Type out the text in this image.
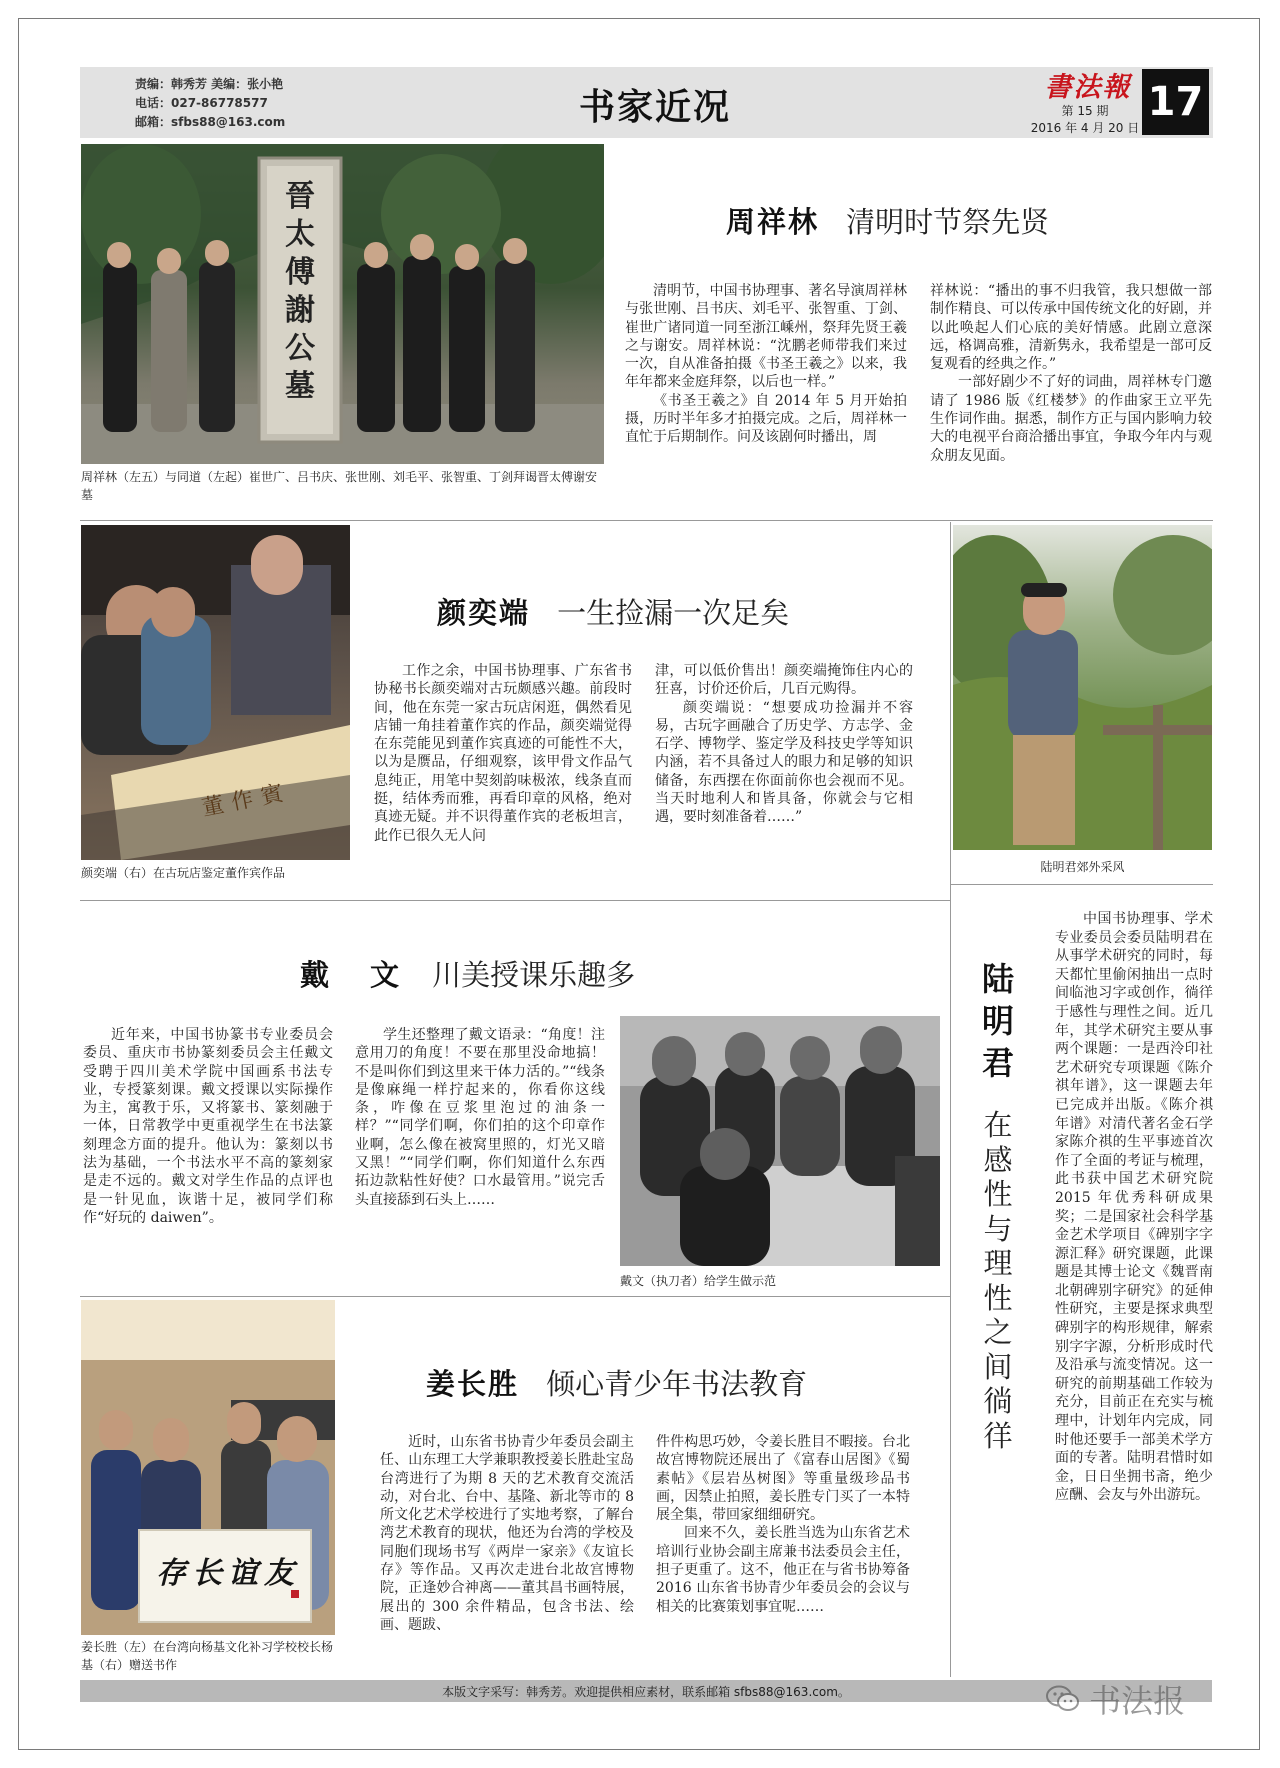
责编：韩秀芳 美编：张小艳
电话：027-86778577
邮箱：sfbs88@163.com	书家近况	書法報
第 15 期
2016 年 4 月 20 日
17
晉太傅謝公墓
周祥林（左五）与同道（左起）崔世广、吕书庆、张世刚、刘毛平、张智重、丁剑拜谒晋太傅谢安墓
周祥林 清明时节祭先贤

清明节，中国书协理事、著名导演周祥林与张世刚、吕书庆、刘毛平、张智重、丁剑、崔世广诸同道一同至浙江嵊州，祭拜先贤王羲之与谢安。周祥林说：“沈鹏老师带我们来过一次，自从准备拍摄《书圣王羲之》以来，我年年都来金庭拜祭，以后也一样。”

《书圣王羲之》自 2014 年 5 月开始拍摄，历时半年多才拍摄完成。之后，周祥林一直忙于后期制作。问及该剧何时播出，周

祥林说：“播出的事不归我管，我只想做一部制作精良、可以传承中国传统文化的好剧，并以此唤起人们心底的美好情感。此剧立意深远，格调高雅，清新隽永，我希望是一部可反复观看的经典之作。”

一部好剧少不了好的词曲，周祥林专门邀请了 1986 版《红楼梦》的作曲家王立平先生作词作曲。据悉，制作方正与国内影响力较大的电视平台商洽播出事宜，争取今年内与观众朋友见面。

董作賓
颜奕端（右）在古玩店鉴定董作宾作品
颜奕端 一生捡漏一次足矣

工作之余，中国书协理事、广东省书协秘书长颜奕端对古玩颇感兴趣。前段时间，他在东莞一家古玩店闲逛，偶然看见店铺一角挂着董作宾的作品，颜奕端觉得在东莞能见到董作宾真迹的可能性不大，以为是赝品，仔细观察，该甲骨文作品气息纯正，用笔中契刻韵味极浓，线条直而挺，结体秀而雅，再看印章的风格，绝对真迹无疑。并不识得董作宾的老板坦言，此作已很久无人问

津，可以低价售出！颜奕端掩饰住内心的狂喜，讨价还价后，几百元购得。

颜奕端说：“想要成功捡漏并不容易，古玩字画融合了历史学、方志学、金石学、博物学、鉴定学及科技史学等知识内涵，若不具备过人的眼力和足够的知识储备，东西摆在你面前你也会视而不见。当天时地利人和皆具备，你就会与它相遇，要时刻准备着……”

戴　文 川美授课乐趣多

近年来，中国书协篆书专业委员会委员、重庆市书协篆刻委员会主任戴文受聘于四川美术学院中国画系书法专业，专授篆刻课。戴文授课以实际操作为主，寓教于乐，又将篆书、篆刻融于一体，日常教学中更重视学生在书法篆刻理念方面的提升。他认为：篆刻以书法为基础，一个书法水平不高的篆刻家是走不远的。戴文对学生作品的点评也是一针见血，诙谐十足，被同学们称作“好玩的 daiwen”。

学生还整理了戴文语录：“角度！注意用刀的角度！不要在那里没命地搞！不是叫你们到这里来干体力活的。”“线条是像麻绳一样拧起来的，你看你这线条，咋像在豆浆里泡过的油条一样？”“同学们啊，你们拍的这个印章作业啊，怎么像在被窝里照的，灯光又暗又黑！”“同学们啊，你们知道什么东西拓边款粘性好使？口水最管用。”说完舌头直接舔到石头上……

戴文（执刀者）给学生做示范
友谊长存
姜长胜（左）在台湾向杨基文化补习学校校长杨基（右）赠送书作
姜长胜 倾心青少年书法教育

近时，山东省书协青少年委员会副主任、山东理工大学兼职教授姜长胜赴宝岛台湾进行了为期 8 天的艺术教育交流活动，对台北、台中、基隆、新北等市的 8 所文化艺术学校进行了实地考察，了解台湾艺术教育的现状，他还为台湾的学校及同胞们现场书写《两岸一家亲》《友谊长存》等作品。又再次走进台北故宫博物院，正逢妙合神离——董其昌书画特展，展出的 300 余件精品，包含书法、绘画、题跋、

件件构思巧妙，令姜长胜目不暇接。台北故宫博物院还展出了《富春山居图》《蜀素帖》《层岩丛树图》等重量级珍品书画，因禁止拍照，姜长胜专门买了一本特展全集，带回家细细研究。

回来不久，姜长胜当选为山东省艺术培训行业协会副主席兼书法委员会主任，担子更重了。这不，他正在与省书协筹备 2016 山东省书协青少年委员会的会议与相关的比赛策划事宜呢……

陆明君郊外采风
陆明君
在感性与理性之间徜徉

中国书协理事、学术专业委员会委员陆明君在从事学术研究的同时，每天都忙里偷闲抽出一点时间临池习字或创作，徜徉于感性与理性之间。近几年，其学术研究主要从事两个课题：一是西泠印社艺术研究专项课题《陈介祺年谱》，这一课题去年已完成并出版。《陈介祺年谱》对清代著名金石学家陈介祺的生平事迹首次作了全面的考证与梳理，此书获中国艺术研究院 2015 年优秀科研成果奖；二是国家社会科学基金艺术学项目《碑别字字源汇释》研究课题，此课题是其博士论文《魏晋南北朝碑别字研究》的延伸性研究，主要是探求典型碑别字的构形规律，解索别字字源，分析形成时代及沿承与流变情况。这一研究的前期基础工作较为充分，目前正在充实与梳理中，计划年内完成，同时他还要手一部美术学方面的专著。陆明君惜时如金，日日坐拥书斋，绝少应酬、会友与外出游玩。

本版文字采写：韩秀芳。欢迎提供相应素材，联系邮箱 sfbs88@163.com。	书法报
